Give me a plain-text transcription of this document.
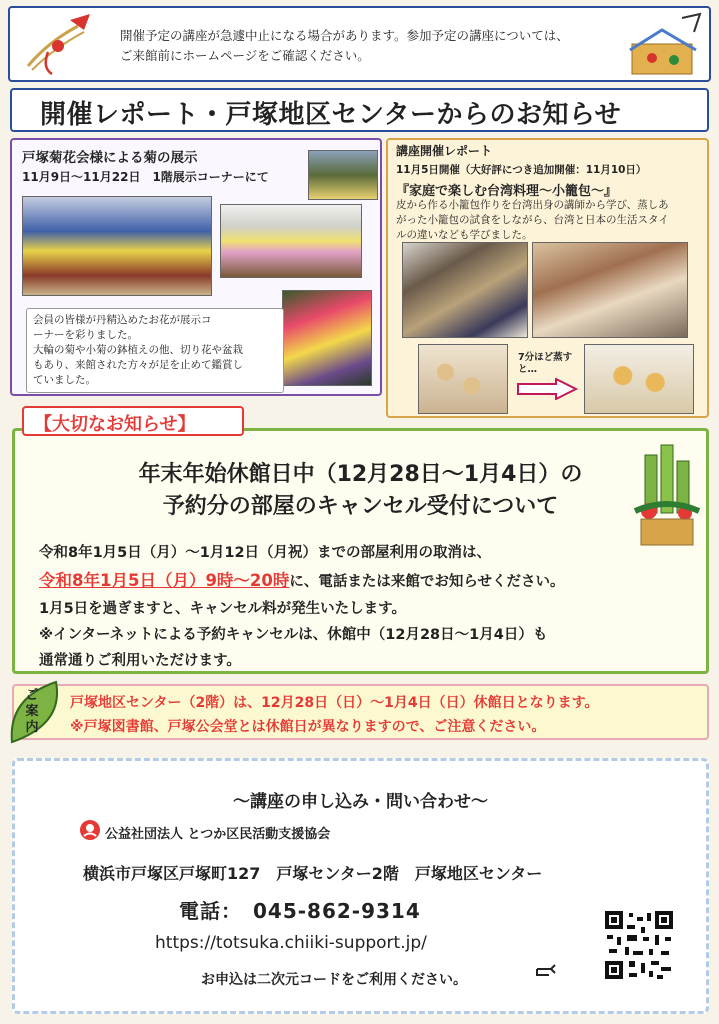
開催予定の講座が急遽中止になる場合があります。参加予定の講座については、

ご来館前にホームページをご確認ください。

開催レポート・戸塚地区センターからのお知らせ
戸塚菊花会様による菊の展示
11月9日～11月22日　1階展示コーナーにて

会員の皆様が丹精込めたお花が展示コ

ーナーを彩りました。

大輪の菊や小菊の鉢植えの他、切り花や盆栽

もあり、来館された方々が足を止めて鑑賞し

ていました。

講座開催レポート
11月5日開催（大好評につき追加開催：11月10日）
『家庭で楽しむ台湾料理～小籠包～』

皮から作る小籠包作りを台湾出身の講師から学び、蒸しあ

がった小籠包の試食をしながら、台湾と日本の生活スタイ

ルの違いなども学びました。

7分ほど蒸すと…
年末年始休館日中（12月28日～1月4日）の
予約分の部屋のキャンセル受付について
令和8年1月5日（月）～1月12日（月祝）までの部屋利用の取消は、
令和8年1月5日（月）9時～20時に、電話または来館でお知らせください。
1月5日を過ぎますと、キャンセル料が発生いたします。
※インターネットによる予約キャンセルは、休館中（12月28日～1月4日）も
通常通りご利用いただけます。
【大切なお知らせ】
戸塚地区センター（2階）は、12月28日（日）～1月4日（日）休館日となります。
※戸塚図書館、戸塚公会堂とは休館日が異なりますので、ご注意ください。
ご案内
～講座の申し込み・問い合わせ～
公益社団法人 とつか区民活動支援協会
横浜市戸塚区戸塚町127　戸塚センター2階　戸塚地区センター
電話：　045-862-9314
https://totsuka.chiiki-support.jp/
お申込は二次元コードをご利用ください。
